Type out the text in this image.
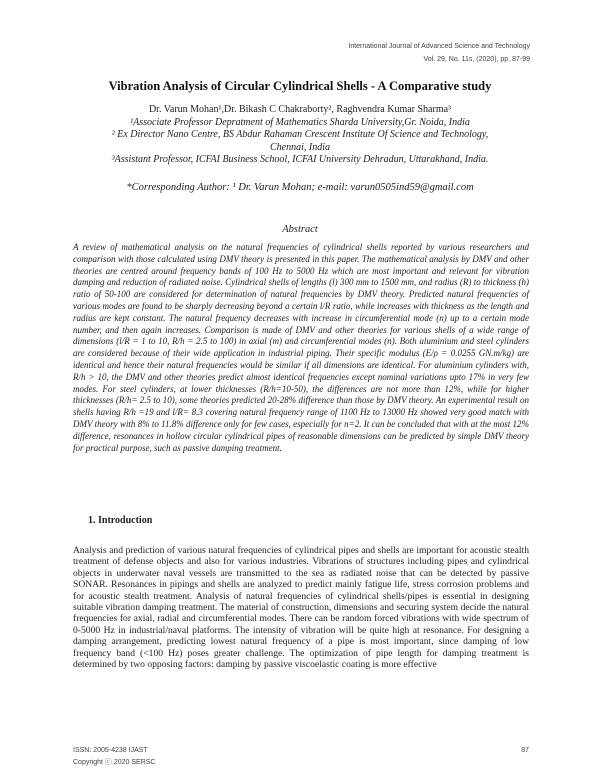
International Journal of Advanced Science and Technology
Vol. 29, No. 11s, (2020), pp. 87-99
Vibration Analysis of Circular Cylindrical Shells - A Comparative study
Dr. Varun Mohan¹,Dr. Bikash C Chakraborty², Raghvendra Kumar Sharma³
¹Associate Professor Depratment of Mathematics Sharda University,Gr. Noida, India
² Ex Director Nano Centre, BS Abdur Rahaman Crescent Institute Of Science and Technology,
Chennai, India
³Assistant Professor, ICFAI Business School, ICFAI University Dehradun, Uttarakhand, India.
*Corresponding Author: ¹ Dr. Varun Mohan; e-mail: varun0505ind59@gmail.com
Abstract
A review of mathematical analysis on the natural frequencies of cylindrical shells reported by various researchers and comparison with those calculated using DMV theory is presented in this paper. The mathematical analysis by DMV and other theories are centred around frequency bands of 100 Hz to 5000 Hz which are most important and relevant for vibration damping and reduction of radiated noise. Cylindrical shells of lengths (l) 300 mm to 1500 mm, and radius (R) to thickness (h) ratio of 50-100 are considered for determination of natural frequencies by DMV theory. Predicted natural frequencies of various modes are found to be sharply decreasing beyond a certain l/R ratio, while increases with thickness as the length and radius are kept constant. The natural frequency decreases with increase in circumferential mode (n) up to a certain mode number, and then again increases. Comparison is made of DMV and other theories for various shells of a wide range of dimensions (l/R = 1 to 10, R/h = 2.5 to 100) in axial (m) and circumferential modes (n). Both aluminium and steel cylinders are considered because of their wide application in industrial piping. Their specific modulus (E/ρ = 0.0255 GN.m/kg) are identical and hence their natural frequencies would be similar if all dimensions are identical. For aluminium cylinders with, R/h > 10, the DMV and other theories predict almost identical frequencies except nominal variations upto 17% in very few modes. For steel cylinders, at lower thicknesses (R/h=10-50), the differences are not more than 12%, while for higher thicknesses (R/h= 2.5 to 10), some theories predicted 20-28% difference than those by DMV theory. An experimental result on shells having R/h =19 and l/R= 8.3 covering natural frequency range of 1100 Hz to 13000 Hz showed very good match with DMV theory with 8% to 11.8% difference only for few cases, especially for n=2. It can be concluded that with at the most 12% difference, resonances in hollow circular cylindrical pipes of reasonable dimensions can be predicted by simple DMV theory for practical purpose, such as passive damping treatment.
1. Introduction
Analysis and prediction of various natural frequencies of cylindrical pipes and shells are important for acoustic stealth treatment of defense objects and also for various industries. Vibrations of structures including pipes and cylindrical objects in underwater naval vessels are transmitted to the sea as radiated noise that can be detected by passive SONAR. Resonances in pipings and shells are analyzed to predict mainly fatigue life, stress corrosion problems and for acoustic stealth treatment. Analysis of natural frequencies of cylindrical shells/pipes is essential in designing suitable vibration damping treatment. The material of construction, dimensions and securing system decide the natural frequencies for axial, radial and circumferential modes. There can be random forced vibrations with wide spectrum of 0-5000 Hz in industrial/naval platforms. The intensity of vibration will be quite high at resonance. For designing a damping arrangement, predicting lowest natural frequency of a pipe is most important, since damping of low frequency band (<100 Hz) poses greater challenge. The optimization of pipe length for damping treatment is determined by two opposing factors: damping by passive viscoelastic coating is more effective
ISSN: 2005-4238 IJAST	87
Copyright ⓒ 2020 SERSC
